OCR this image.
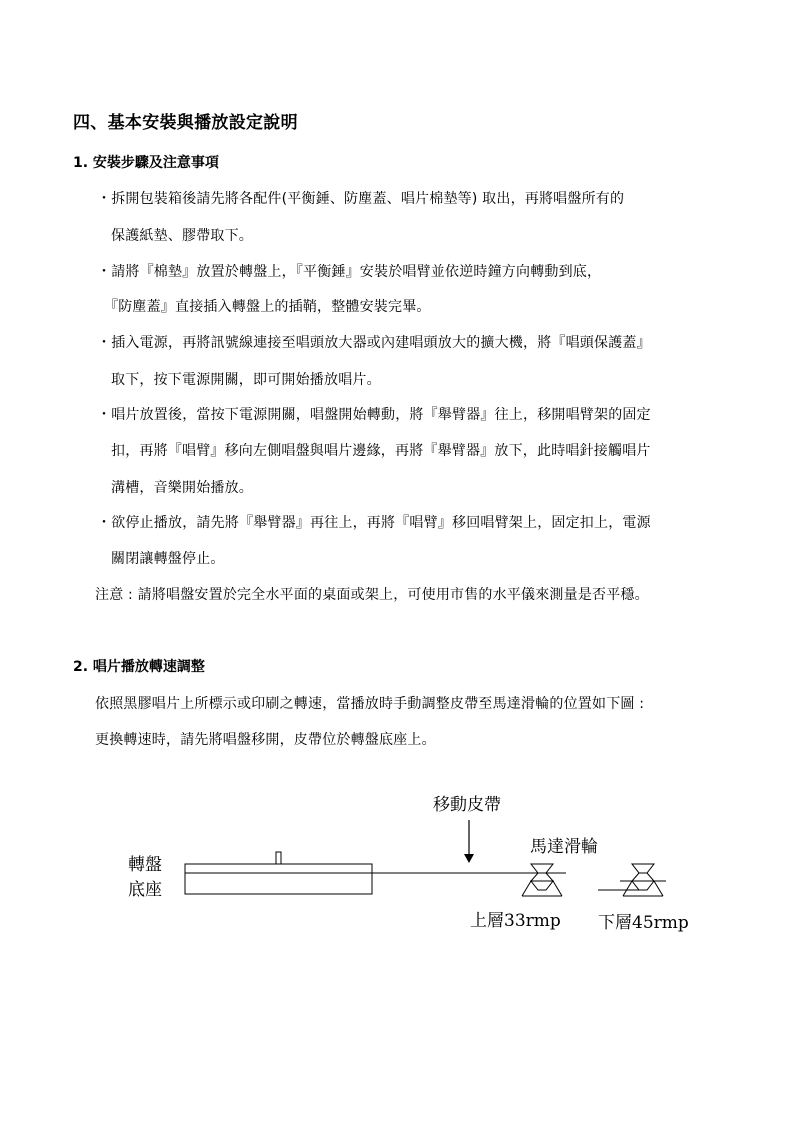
四、基本安裝與播放設定說明
1. 安裝步驟及注意事項
・拆開包裝箱後請先將各配件(平衡錘、防塵蓋、唱片棉墊等) 取出，再將唱盤所有的
保護紙墊、膠帶取下。
・請將『棉墊』放置於轉盤上，『平衡錘』安裝於唱臂並依逆時鐘方向轉動到底，
『防塵蓋』直接插入轉盤上的插鞘，整體安裝完畢。
・插入電源，再將訊號線連接至唱頭放大器或內建唱頭放大的擴大機，將『唱頭保護蓋』
取下，按下電源開關，即可開始播放唱片。
・唱片放置後，當按下電源開關，唱盤開始轉動，將『舉臂器』往上，移開唱臂架的固定
扣，再將『唱臂』移向左側唱盤與唱片邊緣，再將『舉臂器』放下，此時唱針接觸唱片
溝槽，音樂開始播放。
・欲停止播放，請先將『舉臂器』再往上，再將『唱臂』移回唱臂架上，固定扣上，電源
關閉讓轉盤停止。
注意 : 請將唱盤安置於完全水平面的桌面或架上，可使用市售的水平儀來測量是否平穩。
2. 唱片播放轉速調整
依照黑膠唱片上所標示或印刷之轉速，當播放時手動調整皮帶至馬達滑輪的位置如下圖 :
更換轉速時，請先將唱盤移開，皮帶位於轉盤底座上。
移動皮帶
馬達滑輪
轉盤
底座
上層33rmp 下層45rmp
